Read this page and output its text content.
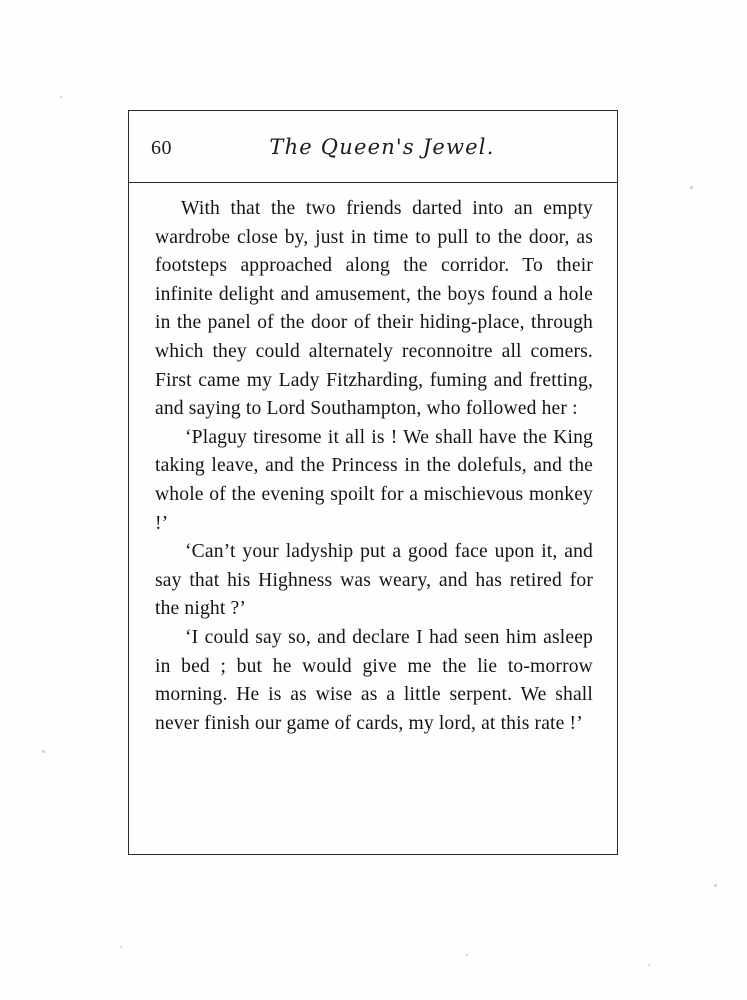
60	The Queen's Jewel.

With that the two friends darted into an empty wardrobe close by, just in time to pull to the door, as footsteps approached along the corridor. To their infinite delight and amusement, the boys found a hole in the panel of the door of their hiding-place, through which they could alternately reconnoitre all comers. First came my Lady Fitzharding, fuming and fretting, and saying to Lord Southampton, who followed her :

‘Plaguy tiresome it all is ! We shall have the King taking leave, and the Princess in the dolefuls, and the whole of the evening spoilt for a mischievous monkey !’

‘Can’t your ladyship put a good face upon it, and say that his Highness was weary, and has retired for the night ?’

‘I could say so, and declare I had seen him asleep in bed ; but he would give me the lie to-morrow morning. He is as wise as a little serpent. We shall never finish our game of cards, my lord, at this rate !’
